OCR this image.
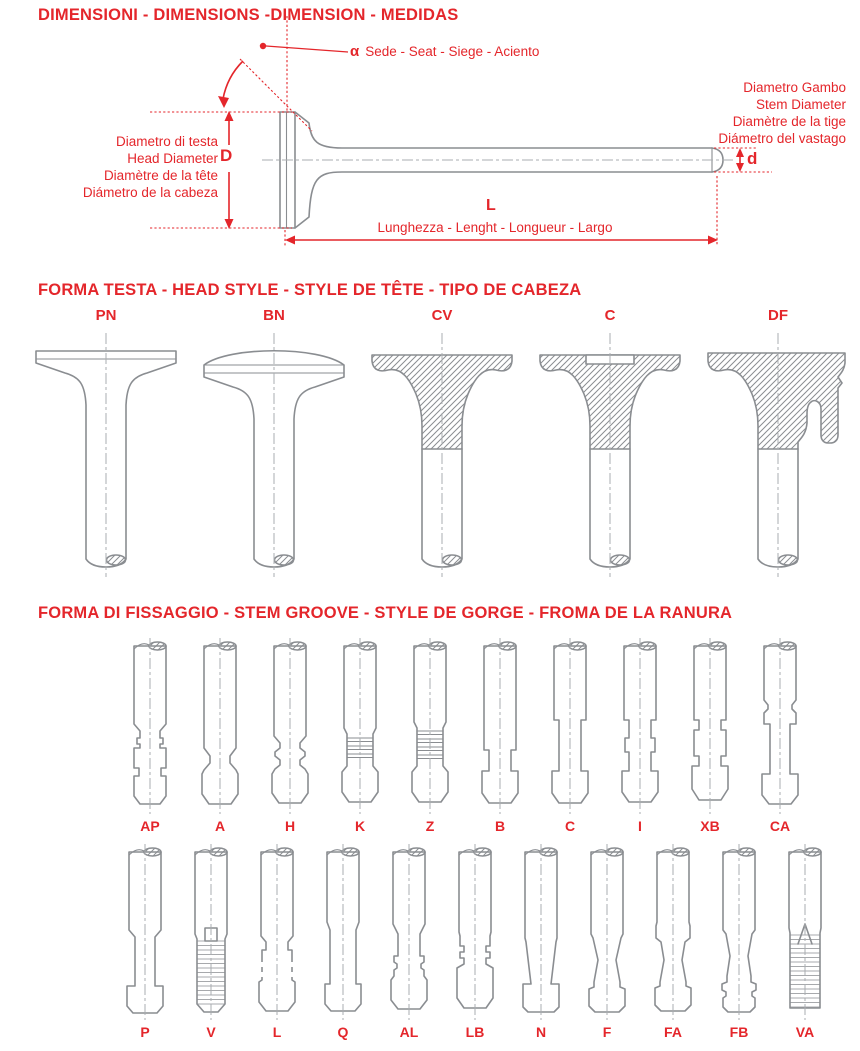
DIMENSIONI - DIMENSIONS -DIMENSION - MEDIDAS
α Sede - Seat - Siege - Aciento
Diametro Gambo
Stem Diameter
Diamètre de la tige
Diámetro del vastago
Diametro di testa
Head Diameter
Diamètre de la tête
Diámetro de la cabeza
D	d
L
Lunghezza - Lenght - Longueur - Largo
FORMA TESTA - HEAD STYLE - STYLE DE TÊTE - TIPO DE CABEZA
PN	BN	CV	C	DF
FORMA DI FISSAGGIO - STEM GROOVE - STYLE DE GORGE - FROMA DE LA RANURA
AP	A	H	K	Z	B	C	I	XB	CA
P	V	L	Q	AL	LB	N	F	FA	FB	VA
